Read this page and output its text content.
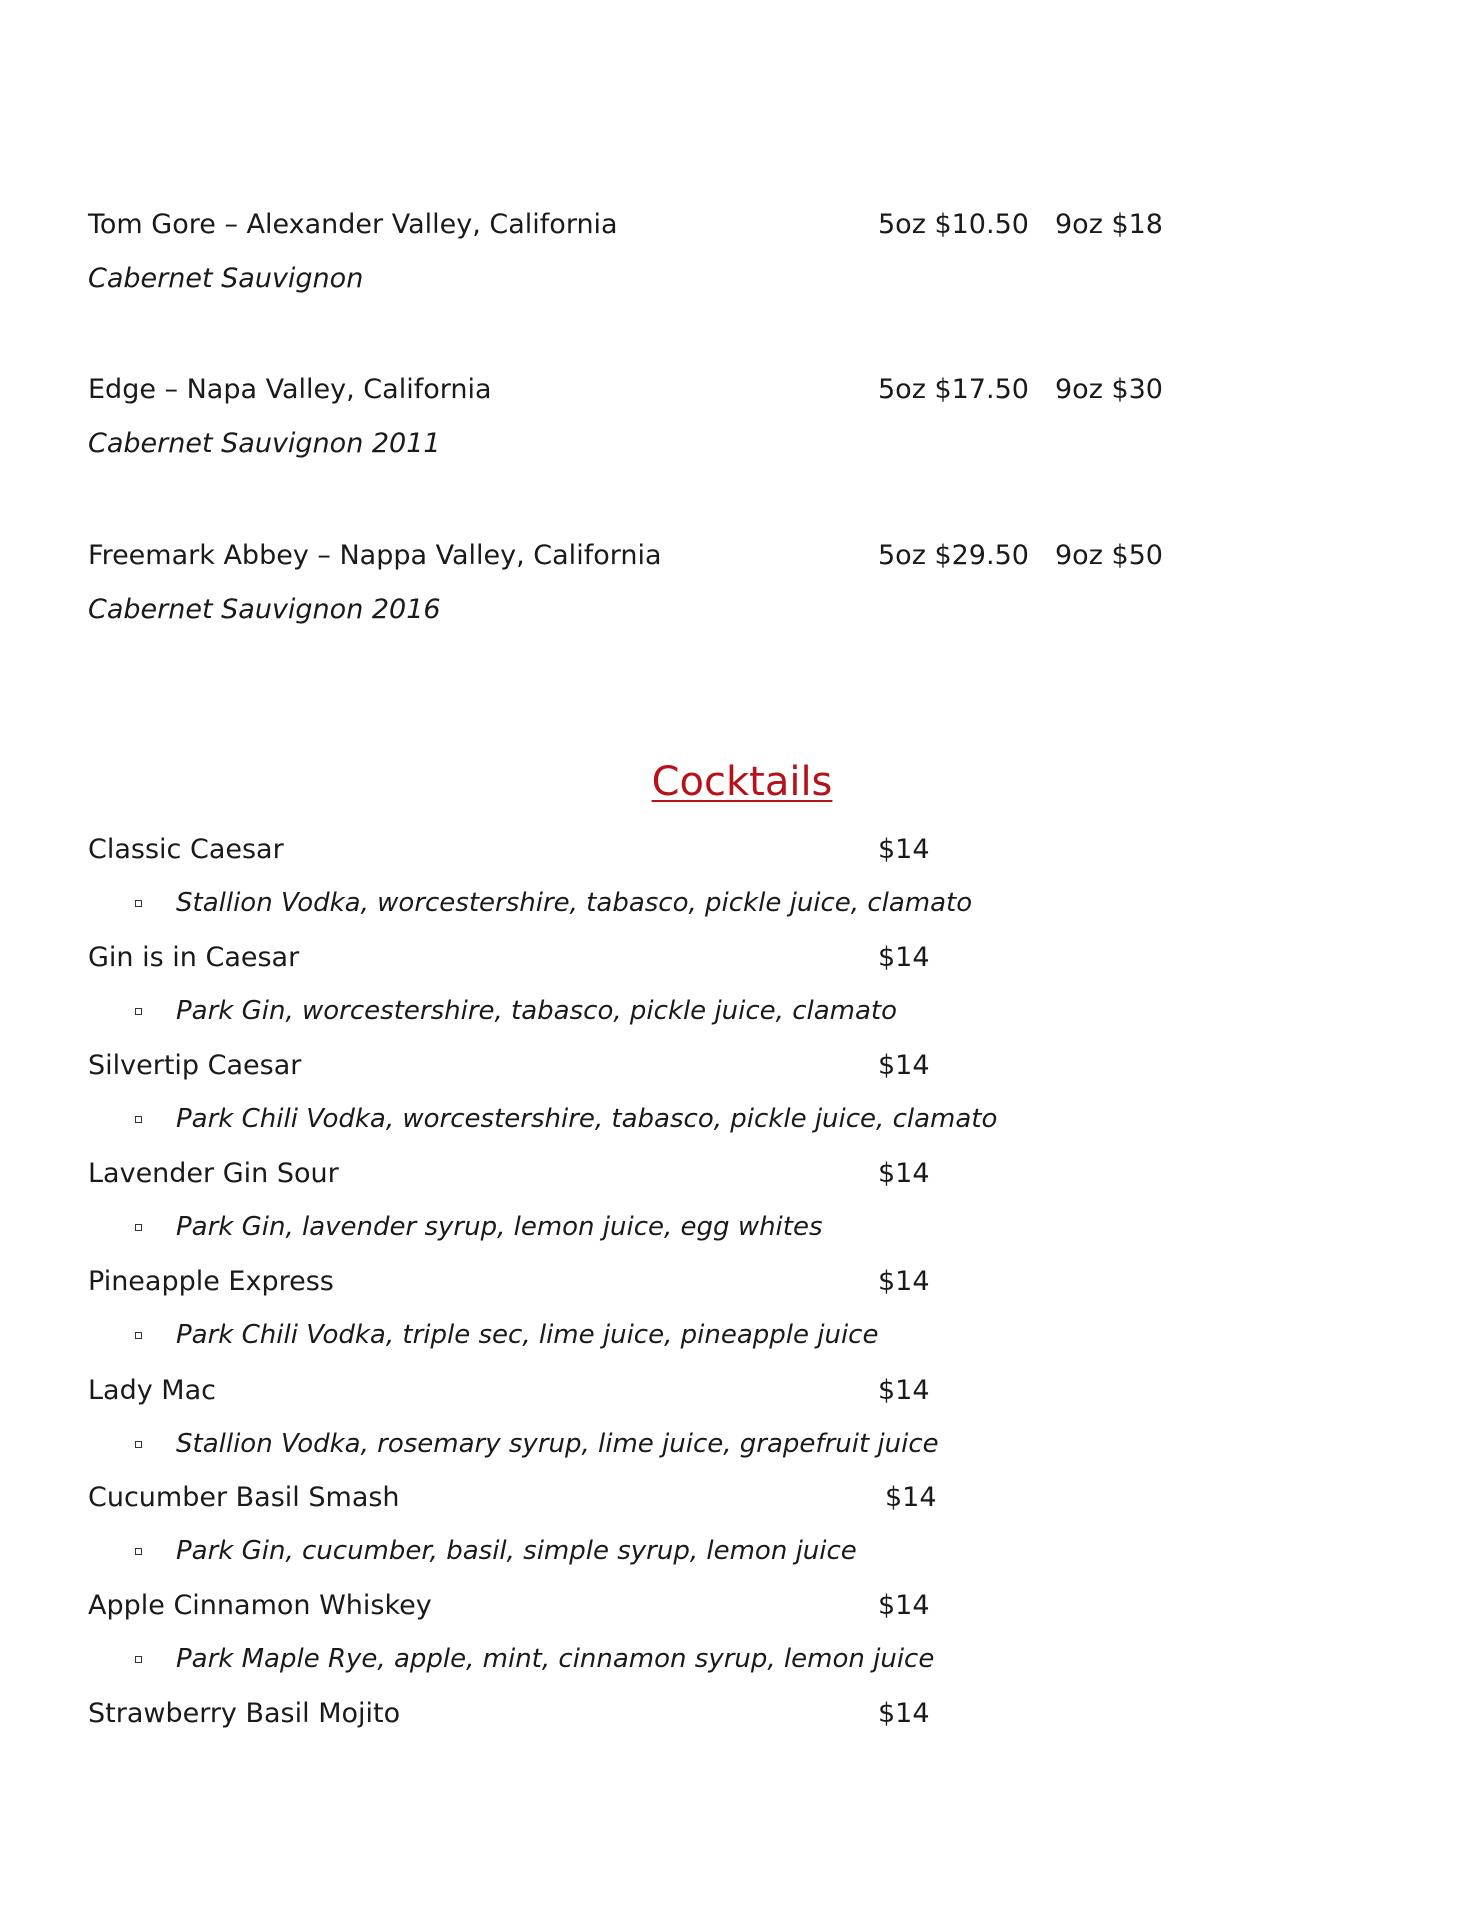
Tom Gore – Alexander Valley, California	5oz $10.50 9oz $18
Cabernet Sauvignon
Edge – Napa Valley, California	5oz $17.50 9oz $30
Cabernet Sauvignon 2011
Freemark Abbey – Nappa Valley, California	5oz $29.50 9oz $50
Cabernet Sauvignon 2016
Cocktails
Classic Caesar	$14
Stallion Vodka, worcestershire, tabasco, pickle juice, clamato
Gin is in Caesar	$14
Park Gin, worcestershire, tabasco, pickle juice, clamato
Silvertip Caesar	$14
Park Chili Vodka, worcestershire, tabasco, pickle juice, clamato
Lavender Gin Sour	$14
Park Gin, lavender syrup, lemon juice, egg whites
Pineapple Express	$14
Park Chili Vodka, triple sec, lime juice, pineapple juice
Lady Mac	$14
Stallion Vodka, rosemary syrup, lime juice, grapefruit juice
Cucumber Basil Smash	$14
Park Gin, cucumber, basil, simple syrup, lemon juice
Apple Cinnamon Whiskey	$14
Park Maple Rye, apple, mint, cinnamon syrup, lemon juice
Strawberry Basil Mojito	$14
